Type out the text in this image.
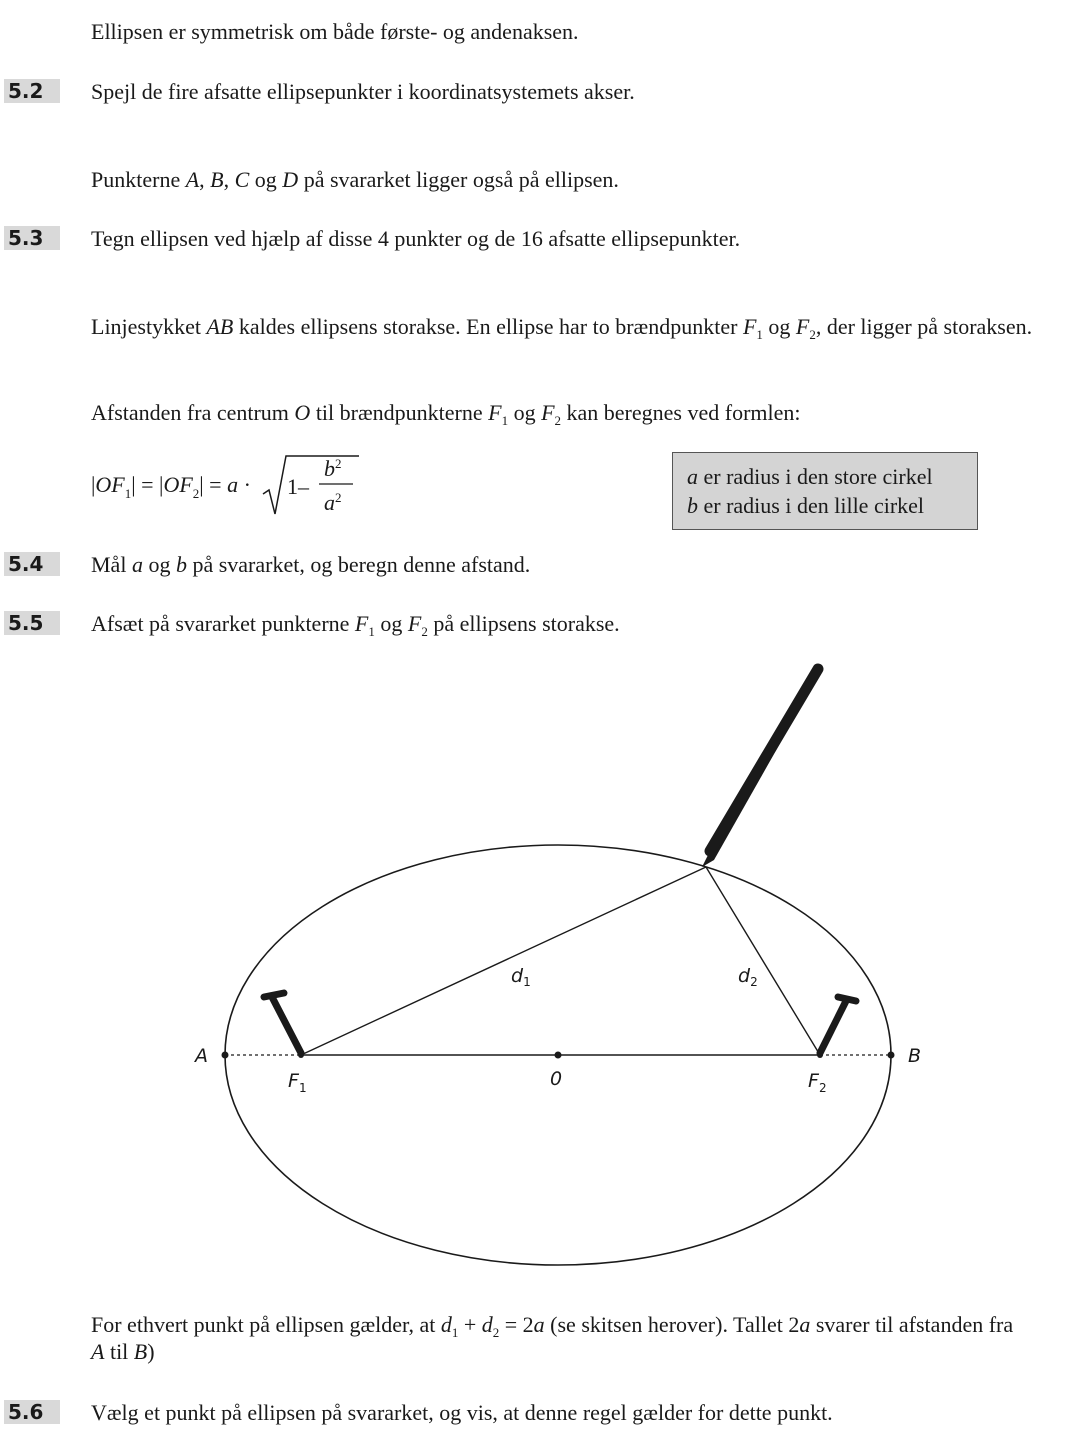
Ellipsen er symmetrisk om både første- og andenaksen.

5.2	Spejl de fire afsatte ellipsepunkter i koordinatsystemets akser.

Punkterne A, B, C og D på svararket ligger også på ellipsen.

5.3	Tegn ellipsen ved hjælp af disse 4 punkter og de 16 afsatte ellipsepunkter.

Linjestykket AB kaldes ellipsens storakse. En ellipse har to brændpunkter $F_1$ og $F_2$, der ligger på storaksen.

Afstanden fra centrum O til brændpunkterne $F_1$ og $F_2$ kan beregnes ved formlen:

$|OF_1| = |OF_2| = a \cdot 1-$
$b^2$
$a^2$
a er radius i den store cirkel
b er radius i den lille cirkel
5.4	Mål a og b på svararket, og beregn denne afstand.

5.5	Afsæt på svararket punkterne $F_1$ og $F_2$ på ellipsens storakse.

A	B
0
$F_1$	$F_2$
$d_1$	$d_2$

For ethvert punkt på ellipsen gælder, at $d_1 + d_2 = 2a$ (se skitsen herover). Tallet 2a svarer til afstanden fra A til B)

5.6	Vælg et punkt på ellipsen på svararket, og vis, at denne regel gælder for dette punkt.
